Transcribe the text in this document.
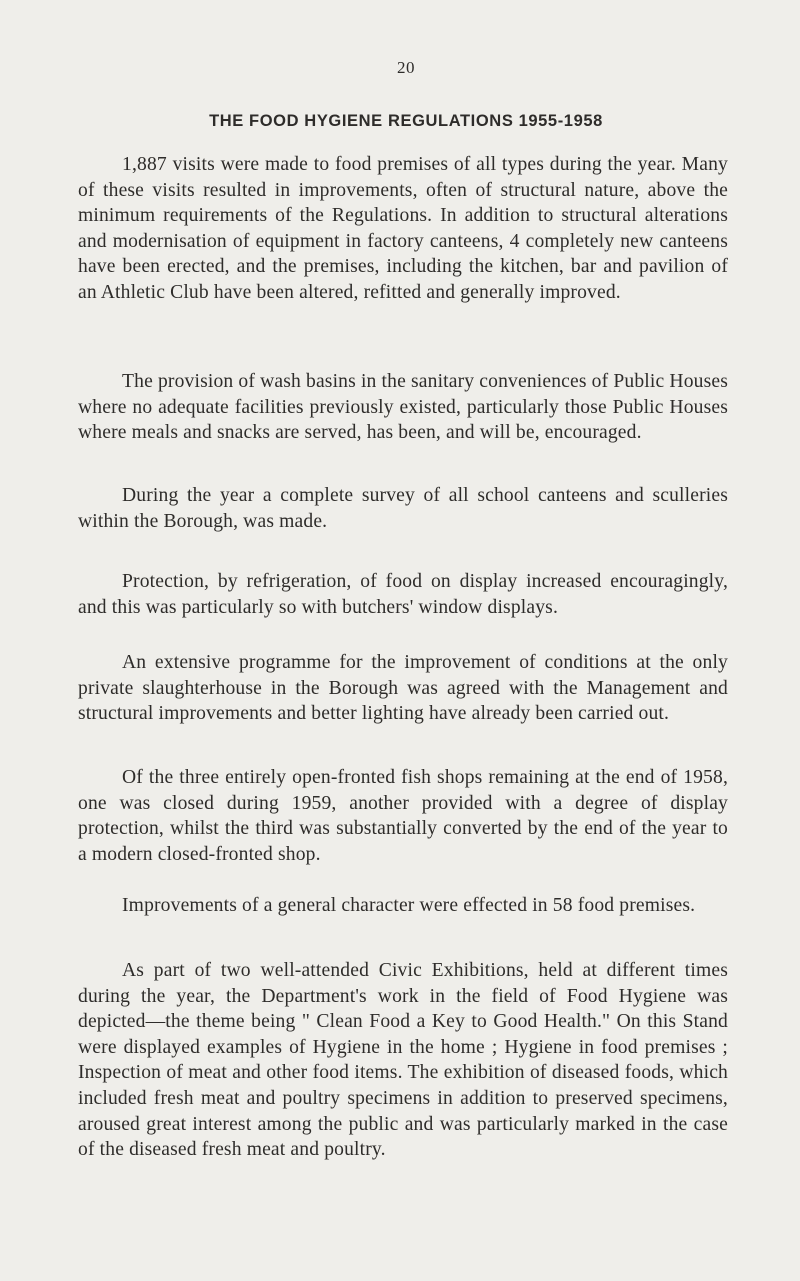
20
THE FOOD HYGIENE REGULATIONS 1955-1958

1,887 visits were made to food premises of all types during the year. Many of these visits resulted in improvements, often of structural nature, above the minimum requirements of the Regulations. In addition to structural alterations and modernisation of equipment in factory canteens, 4 completely new canteens have been erected, and the premises, including the kitchen, bar and pavilion of an Athletic Club have been altered, refitted and generally improved.

The provision of wash basins in the sanitary conveniences of Public Houses where no adequate facilities previously existed, particularly those Public Houses where meals and snacks are served, has been, and will be, encouraged.

During the year a complete survey of all school canteens and sculleries within the Borough, was made.

Protection, by refrigeration, of food on display increased encouragingly, and this was particularly so with butchers' window displays.

An extensive programme for the improvement of conditions at the only private slaughterhouse in the Borough was agreed with the Management and structural improvements and better lighting have already been carried out.

Of the three entirely open-fronted fish shops remaining at the end of 1958, one was closed during 1959, another provided with a degree of display protection, whilst the third was substantially converted by the end of the year to a modern closed-fronted shop.

Improvements of a general character were effected in 58 food premises.

As part of two well-attended Civic Exhibitions, held at different times during the year, the Department's work in the field of Food Hygiene was depicted—the theme being " Clean Food a Key to Good Health." On this Stand were displayed examples of Hygiene in the home ; Hygiene in food premises ; Inspection of meat and other food items. The exhibition of diseased foods, which included fresh meat and poultry specimens in addition to preserved specimens, aroused great interest among the public and was particularly marked in the case of the diseased fresh meat and poultry.
